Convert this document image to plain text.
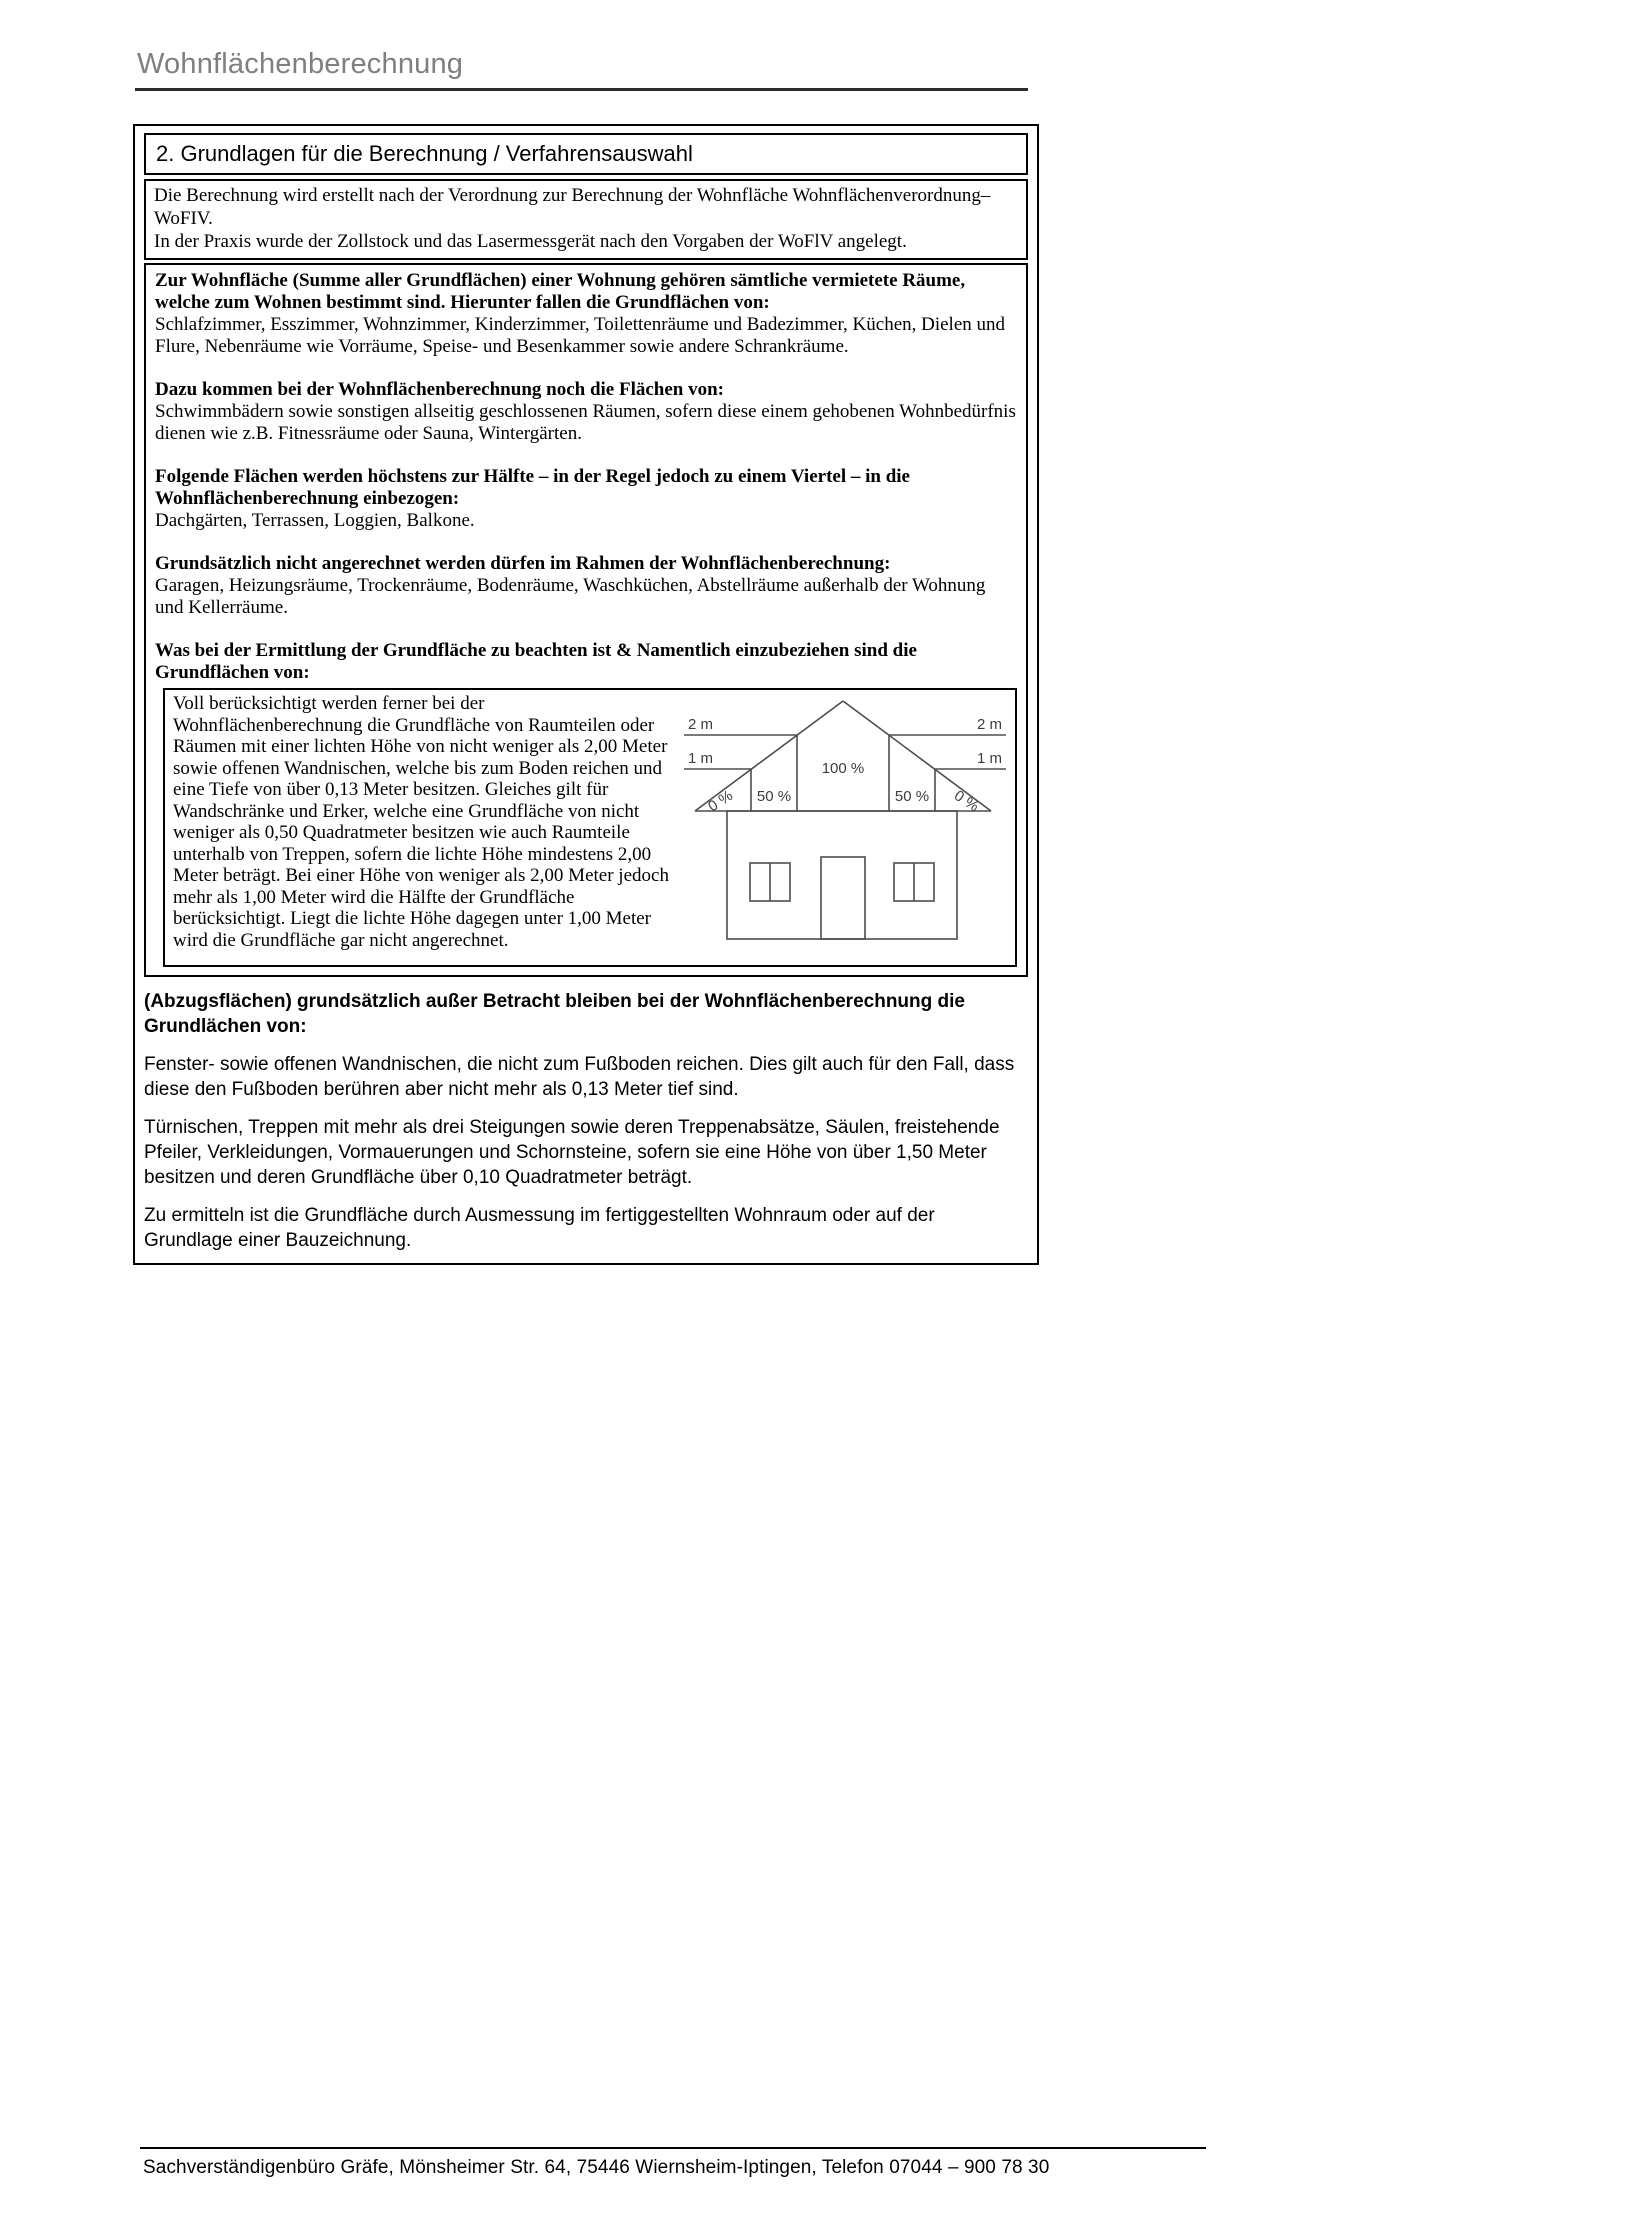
Wohnflächenberechnung
2. Grundlagen für die Berechnung / Verfahrensauswahl
Die Berechnung wird erstellt nach der Verordnung zur Berechnung der Wohnfläche Wohnflächenverordnung– WoFIV.
In der Praxis wurde der Zollstock und das Lasermessgerät nach den Vorgaben der WoFlV angelegt.

Zur Wohnfläche (Summe aller Grundflächen) einer Wohnung gehören sämtliche vermietete Räume, welche zum Wohnen bestimmt sind. Hierunter fallen die Grundflächen von:

Schlafzimmer, Esszimmer, Wohnzimmer, Kinderzimmer, Toilettenräume und Badezimmer, Küchen, Dielen und Flure, Nebenräume wie Vorräume, Speise- und Besenkammer sowie andere Schrankräume.

Dazu kommen bei der Wohnflächenberechnung noch die Flächen von:

Schwimmbädern sowie sonstigen allseitig geschlossenen Räumen, sofern diese einem gehobenen Wohnbedürfnis dienen wie z.B. Fitnessräume oder Sauna, Wintergärten.

Folgende Flächen werden höchstens zur Hälfte – in der Regel jedoch zu einem Viertel – in die Wohnflächenberechnung einbezogen:

Dachgärten, Terrassen, Loggien, Balkone.

Grundsätzlich nicht angerechnet werden dürfen im Rahmen der Wohnflächenberechnung:

Garagen, Heizungsräume, Trockenräume, Bodenräume, Waschküchen, Abstellräume außerhalb der Wohnung und Kellerräume.

Was bei der Ermittlung der Grundfläche zu beachten ist & Namentlich einzubeziehen sind die Grundflächen von:

Voll berücksichtigt werden ferner bei der Wohnflächenberechnung die Grundfläche von Raumteilen oder Räumen mit einer lichten Höhe von nicht weniger als 2,00 Meter sowie offenen Wandnischen, welche bis zum Boden reichen und eine Tiefe von über 0,13 Meter besitzen. Gleiches gilt für Wandschränke und Erker, welche eine Grundfläche von nicht weniger als 0,50 Quadratmeter besitzen wie auch Raumteile unterhalb von Treppen, sofern die lichte Höhe mindestens 2,00 Meter beträgt. Bei einer Höhe von weniger als 2,00 Meter jedoch mehr als 1,00 Meter wird die Hälfte der Grundfläche berücksichtigt. Liegt die lichte Höhe dagegen unter 1,00 Meter wird die Grundfläche gar nicht angerechnet.
2 m
1 m
2 m
1 m
100 %
50 %	50 %
0 %	0 %

(Abzugsflächen) grundsätzlich außer Betracht bleiben bei der Wohnflächenberechnung die Grundlächen von:

Fenster- sowie offenen Wandnischen, die nicht zum Fußboden reichen. Dies gilt auch für den Fall, dass diese den Fußboden berühren aber nicht mehr als 0,13 Meter tief sind.

Türnischen, Treppen mit mehr als drei Steigungen sowie deren Treppenabsätze, Säulen, freistehende Pfeiler, Verkleidungen, Vormauerungen und Schornsteine, sofern sie eine Höhe von über 1,50 Meter besitzen und deren Grundfläche über 0,10 Quadratmeter beträgt.

Zu ermitteln ist die Grundfläche durch Ausmessung im fertiggestellten Wohnraum oder auf der Grundlage einer Bauzeichnung.

Sachverständigenbüro Gräfe, Mönsheimer Str. 64, 75446 Wiernsheim-Iptingen, Telefon 07044 – 900 78 30
